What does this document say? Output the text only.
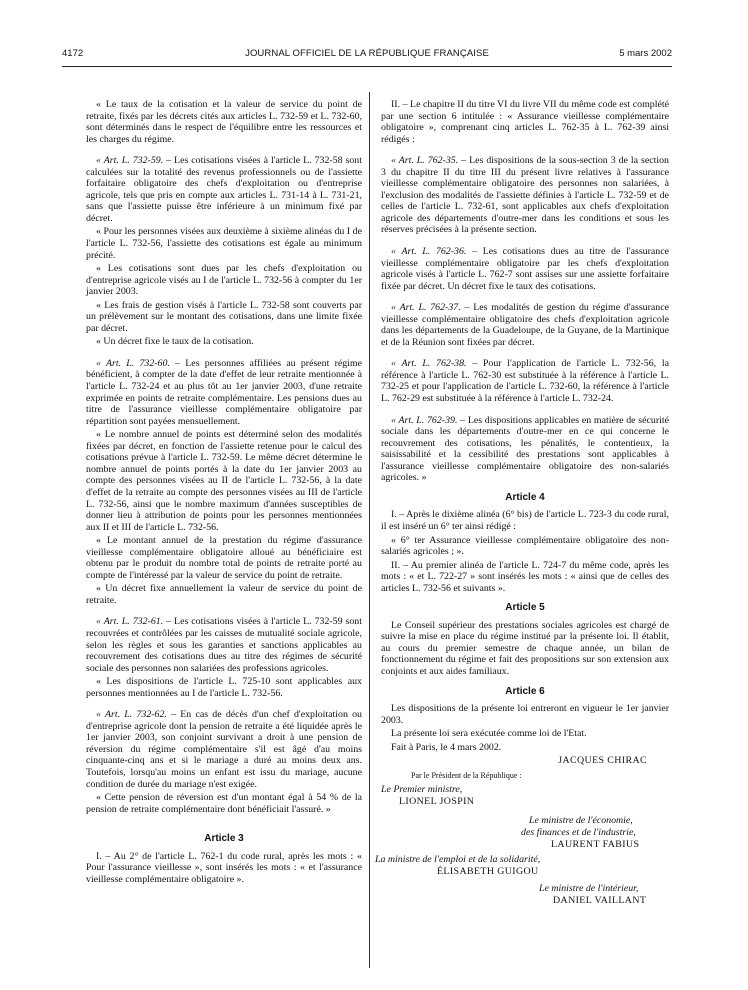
4172	JOURNAL OFFICIEL DE LA RÉPUBLIQUE FRANÇAISE	5 mars 2002

« Le taux de la cotisation et la valeur de service du point de retraite, fixés par les décrets cités aux articles L. 732-59 et L. 732-60, sont déterminés dans le respect de l'équilibre entre les ressources et les charges du régime.

« Art. L. 732-59. – Les cotisations visées à l'article L. 732-58 sont calculées sur la totalité des revenus professionnels ou de l'assiette forfaitaire obligatoire des chefs d'exploitation ou d'entreprise agricole, tels que pris en compte aux articles L. 731-14 à L. 731-21, sans que l'assiette puisse être inférieure à un minimum fixé par décret.

« Pour les personnes visées aux deuxième à sixième alinéas du I de l'article L. 732-56, l'assiette des cotisations est égale au minimum précité.

« Les cotisations sont dues par les chefs d'exploitation ou d'entreprise agricole visés au I de l'article L. 732-56 à compter du 1er janvier 2003.

« Les frais de gestion visés à l'article L. 732-58 sont couverts par un prélèvement sur le montant des cotisations, dans une limite fixée par décret.

« Un décret fixe le taux de la cotisation.

« Art. L. 732-60. – Les personnes affiliées au présent régime bénéficient, à compter de la date d'effet de leur retraite mentionnée à l'article L. 732-24 et au plus tôt au 1er janvier 2003, d'une retraite exprimée en points de retraite complémentaire. Les pensions dues au titre de l'assurance vieillesse complémentaire obligatoire par répartition sont payées mensuellement.

« Le nombre annuel de points est déterminé selon des modalités fixées par décret, en fonction de l'assiette retenue pour le calcul des cotisations prévue à l'article L. 732-59. Le même décret détermine le nombre annuel de points portés à la date du 1er janvier 2003 au compte des personnes visées au II de l'article L. 732-56, à la date d'effet de la retraite au compte des personnes visées au III de l'article L. 732-56, ainsi que le nombre maximum d'années susceptibles de donner lieu à attribution de points pour les personnes mentionnées aux II et III de l'article L. 732-56.

« Le montant annuel de la prestation du régime d'assurance vieillesse complémentaire obligatoire alloué au bénéficiaire est obtenu par le produit du nombre total de points de retraite porté au compte de l'intéressé par la valeur de service du point de retraite.

« Un décret fixe annuellement la valeur de service du point de retraite.

« Art. L. 732-61. – Les cotisations visées à l'article L. 732-59 sont recouvrées et contrôlées par les caisses de mutualité sociale agricole, selon les règles et sous les garanties et sanctions applicables au recouvrement des cotisations dues au titre des régimes de sécurité sociale des personnes non salariées des professions agricoles.

« Les dispositions de l'article L. 725-10 sont applicables aux personnes mentionnées au I de l'article L. 732-56.

« Art. L. 732-62. – En cas de décès d'un chef d'exploitation ou d'entreprise agricole dont la pension de retraite a été liquidée après le 1er janvier 2003, son conjoint survivant a droit à une pension de réversion du régime complémentaire s'il est âgé d'au moins cinquante-cinq ans et si le mariage a duré au moins deux ans. Toutefois, lorsqu'au moins un enfant est issu du mariage, aucune condition de durée du mariage n'est exigée.

« Cette pension de réversion est d'un montant égal à 54 % de la pension de retraite complémentaire dont bénéficiait l'assuré. »

Article 3

I. – Au 2° de l'article L. 762-1 du code rural, après les mots : « Pour l'assurance vieillesse », sont insérés les mots : « et l'assurance vieillesse complémentaire obligatoire ».

II. – Le chapitre II du titre VI du livre VII du même code est complété par une section 6 intitulée : « Assurance vieillesse complémentaire obligatoire », comprenant cinq articles L. 762-35 à L. 762-39 ainsi rédigés :

« Art. L. 762-35. – Les dispositions de la sous-section 3 de la section 3 du chapitre II du titre III du présent livre relatives à l'assurance vieillesse complémentaire obligatoire des personnes non salariées, à l'exclusion des modalités de l'assiette définies à l'article L. 732-59 et de celles de l'article L. 732-61, sont applicables aux chefs d'exploitation agricole des départements d'outre-mer dans les conditions et sous les réserves précisées à la présente section.

« Art. L. 762-36. – Les cotisations dues au titre de l'assurance vieillesse complémentaire obligatoire par les chefs d'exploitation agricole visés à l'article L. 762-7 sont assises sur une assiette forfaitaire fixée par décret. Un décret fixe le taux des cotisations.

« Art. L. 762-37. – Les modalités de gestion du régime d'assurance vieillesse complémentaire obligatoire des chefs d'exploitation agricole dans les départements de la Guadeloupe, de la Guyane, de la Martinique et de la Réunion sont fixées par décret.

« Art. L. 762-38. – Pour l'application de l'article L. 732-56, la référence à l'article L. 762-30 est substituée à la référence à l'article L. 732-25 et pour l'application de l'article L. 732-60, la référence à l'article L. 762-29 est substituée à la référence à l'article L. 732-24.

« Art. L. 762-39. – Les dispositions applicables en matière de sécurité sociale dans les départements d'outre-mer en ce qui concerne le recouvrement des cotisations, les pénalités, le contentieux, la saisissabilité et la cessibilité des prestations sont applicables à l'assurance vieillesse complémentaire obligatoire des non-salariés agricoles. »

Article 4

I. – Après le dixième alinéa (6° bis) de l'article L. 723-3 du code rural, il est inséré un 6° ter ainsi rédigé :

« 6° ter Assurance vieillesse complémentaire obligatoire des non-salariés agricoles ; ».

II. – Au premier alinéa de l'article L. 724-7 du même code, après les mots : « et L. 722-27 » sont insérés les mots : « ainsi que de celles des articles L. 732-56 et suivants ».

Article 5

Le Conseil supérieur des prestations sociales agricoles est chargé de suivre la mise en place du régime institué par la présente loi. Il établit, au cours du premier semestre de chaque année, un bilan de fonctionnement du régime et fait des propositions sur son extension aux conjoints et aux aides familiaux.

Article 6

Les dispositions de la présente loi entreront en vigueur le 1er janvier 2003.

La présente loi sera exécutée comme loi de l'Etat.

Fait à Paris, le 4 mars 2002.

JACQUES CHIRAC

Par le Président de la République :

Le Premier ministre,

LIONEL JOSPIN

Le ministre de l'économie,

des finances et de l'industrie,

LAURENT FABIUS

La ministre de l'emploi et de la solidarité,

ÉLISABETH GUIGOU

Le ministre de l'intérieur,

DANIEL VAILLANT
